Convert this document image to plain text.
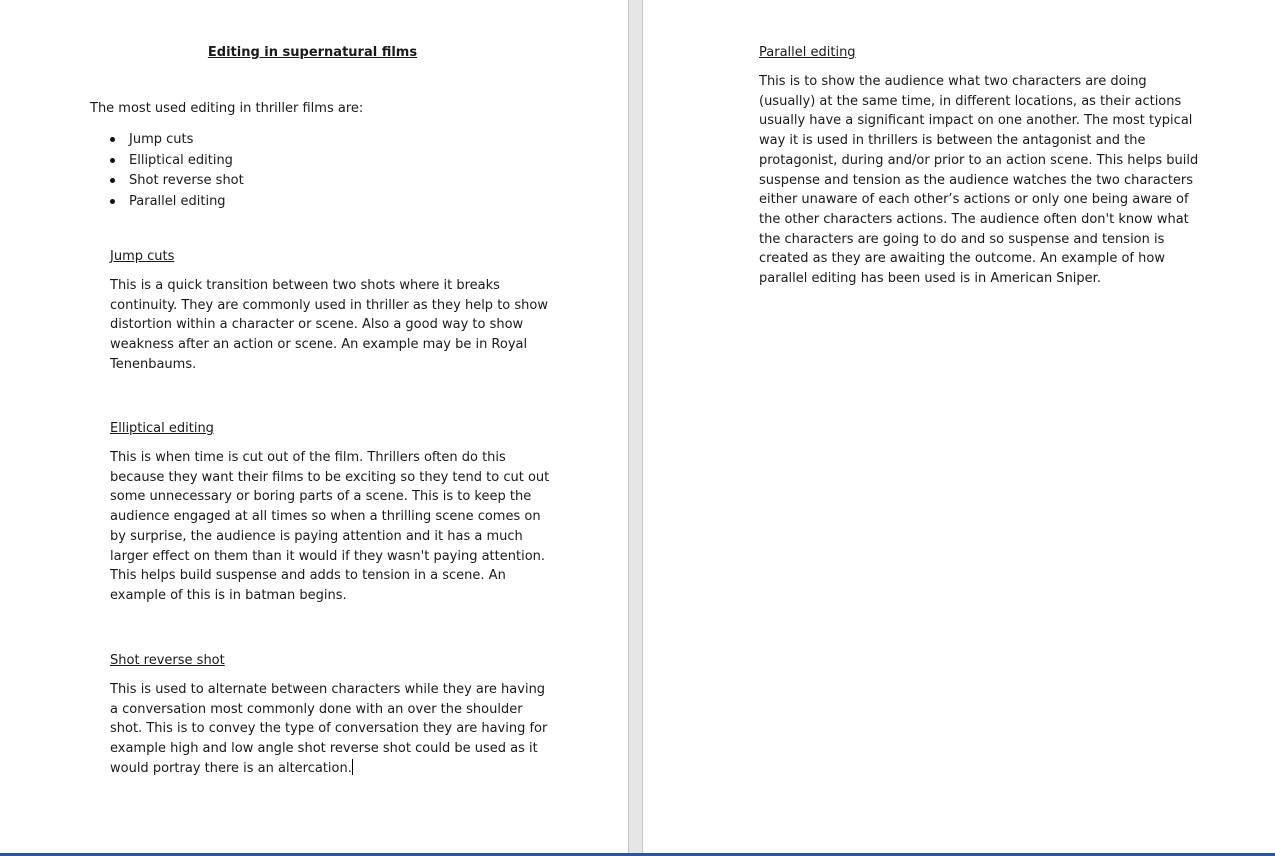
Editing in supernatural films

The most used editing in thriller films are:

Jump cuts
Elliptical editing
Shot reverse shot
Parallel editing
Jump cuts

This is a quick transition between two shots where it breaks continuity. They are commonly used in thriller as they help to show distortion within a character or scene. Also a good way to show weakness after an action or scene. An example may be in Royal Tenenbaums.

Elliptical editing

This is when time is cut out of the film. Thrillers often do this because they want their films to be exciting so they tend to cut out some unnecessary or boring parts of a scene. This is to keep the audience engaged at all times so when a thrilling scene comes on by surprise, the audience is paying attention and it has a much larger effect on them than it would if they wasn't paying attention. This helps build suspense and adds to tension in a scene. An example of this is in batman begins.

Shot reverse shot

This is used to alternate between characters while they are having a conversation most commonly done with an over the shoulder shot. This is to convey the type of conversation they are having for example high and low angle shot reverse shot could be used as it would portray there is an altercation.

Parallel editing

This is to show the audience what two characters are doing (usually) at the same time, in different locations, as their actions usually have a significant impact on one another. The most typical way it is used in thrillers is between the antagonist and the protagonist, during and/or prior to an action scene. This helps build suspense and tension as the audience watches the two characters either unaware of each other’s actions or only one being aware of the other characters actions. The audience often don't know what the characters are going to do and so suspense and tension is created as they are awaiting the outcome. An example of how parallel editing has been used is in American Sniper.
